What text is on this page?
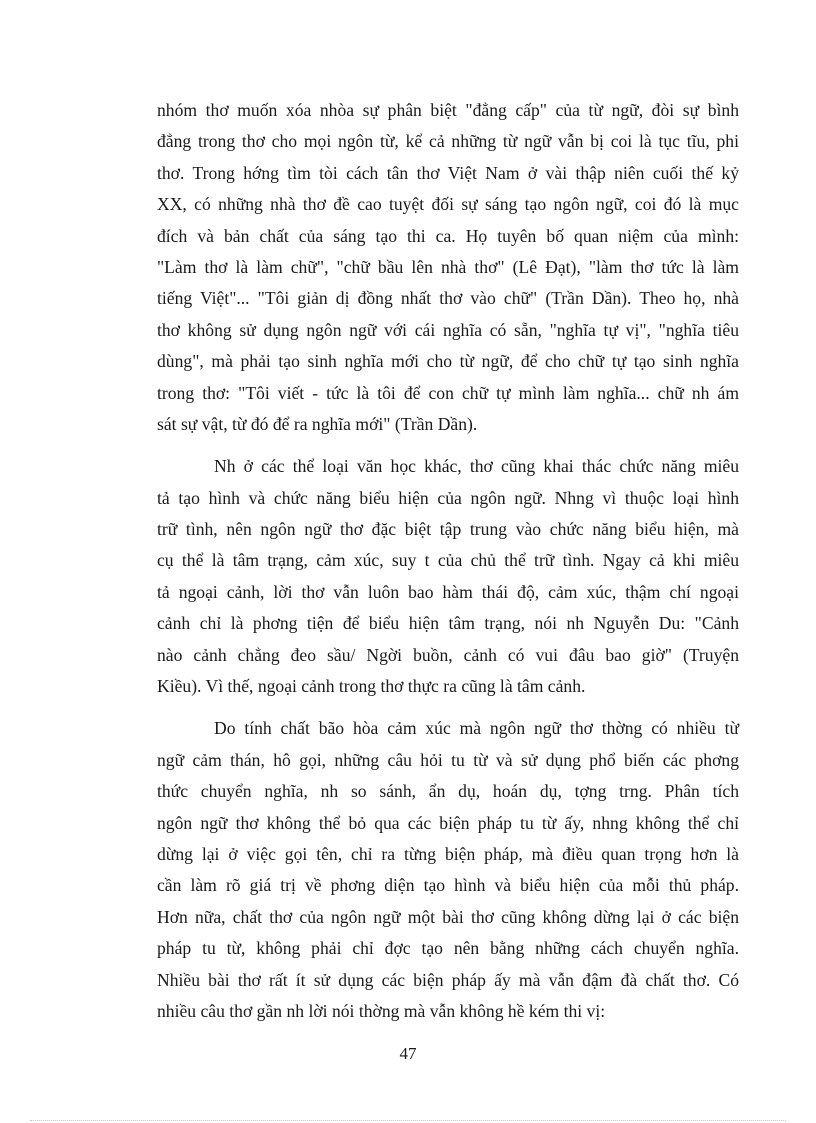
nhóm thơ muốn xóa nhòa sự phân biệt "đẳng cấp" của từ ngữ, đòi sự bình
đẳng trong thơ cho mọi ngôn từ, kể cả những từ ngữ vẫn bị coi là tục tĩu, phi
thơ. Trong hớng tìm tòi cách tân thơ Việt Nam ở vài thập niên cuối thế kỷ
XX, có những nhà thơ đề cao tuyệt đối sự sáng tạo ngôn ngữ, coi đó là mục
đích và bản chất của sáng tạo thi ca. Họ tuyên bố quan niệm của mình:
"Làm thơ là làm chữ", "chữ bầu lên nhà thơ" (Lê Đạt), "làm thơ tức là làm
tiếng Việt"... "Tôi giản dị đồng nhất thơ vào chữ" (Trần Dần). Theo họ, nhà
thơ không sử dụng ngôn ngữ với cái nghĩa có sẵn, "nghĩa tự vị", "nghĩa tiêu
dùng", mà phải tạo sinh nghĩa mới cho từ ngữ, để cho chữ tự tạo sinh nghĩa
trong thơ: "Tôi viết - tức là tôi để con chữ tự mình làm nghĩa... chữ nh ám
sát sự vật, từ đó để ra nghĩa mới" (Trần Dần).
Nh ở các thể loại văn học khác, thơ cũng khai thác chức năng miêu
tả tạo hình và chức năng biểu hiện của ngôn ngữ. Nhng vì thuộc loại hình
trữ tình, nên ngôn ngữ thơ đặc biệt tập trung vào chức năng biểu hiện, mà
cụ thể là tâm trạng, cảm xúc, suy t của chủ thể trữ tình. Ngay cả khi miêu
tả ngoại cảnh, lời thơ vẫn luôn bao hàm thái độ, cảm xúc, thậm chí ngoại
cảnh chỉ là phơng tiện để biểu hiện tâm trạng, nói nh Nguyễn Du: "Cảnh
nào cảnh chẳng đeo sầu/ Ngời buồn, cảnh có vui đâu bao giờ" (Truyện
Kiều). Vì thế, ngoại cảnh trong thơ thực ra cũng là tâm cảnh.
Do tính chất bão hòa cảm xúc mà ngôn ngữ thơ thờng có nhiều từ
ngữ cảm thán, hô gọi, những câu hỏi tu từ và sử dụng phổ biến các phơng
thức chuyển nghĩa, nh so sánh, ẩn dụ, hoán dụ, tợng trng. Phân tích
ngôn ngữ thơ không thể bỏ qua các biện pháp tu từ ấy, nhng không thể chỉ
dừng lại ở việc gọi tên, chỉ ra từng biện pháp, mà điều quan trọng hơn là
cần làm rõ giá trị về phơng diện tạo hình và biểu hiện của mỗi thủ pháp.
Hơn nữa, chất thơ của ngôn ngữ một bài thơ cũng không dừng lại ở các biện
pháp tu từ, không phải chỉ đợc tạo nên bằng những cách chuyển nghĩa.
Nhiều bài thơ rất ít sử dụng các biện pháp ấy mà vẫn đậm đà chất thơ. Có
nhiều câu thơ gần nh lời nói thờng mà vẫn không hề kém thi vị:
47
